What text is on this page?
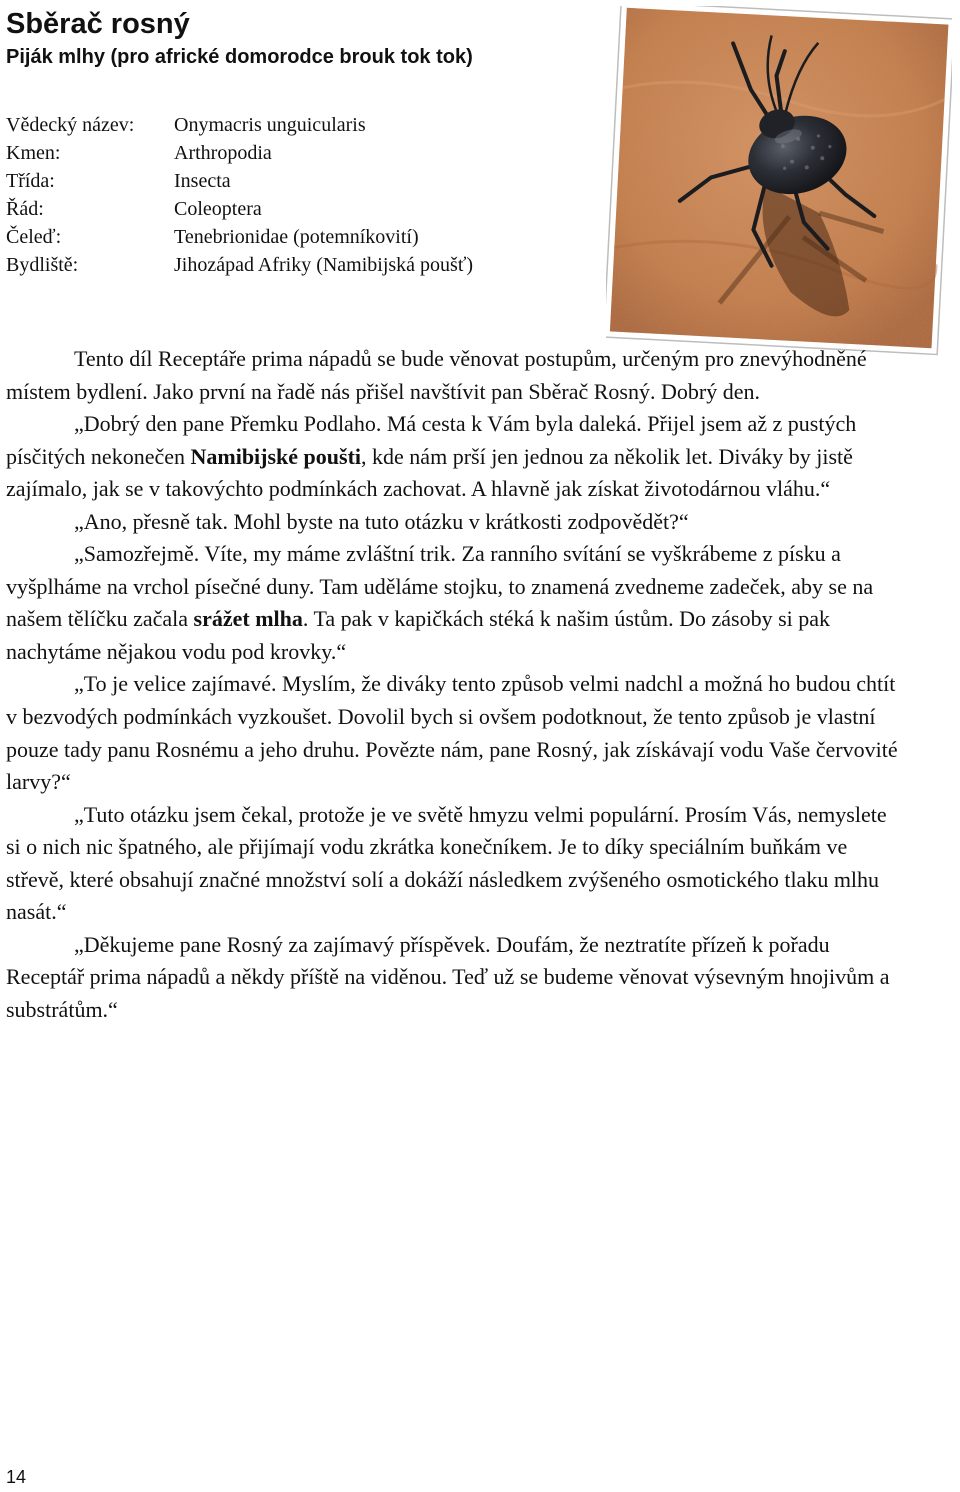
Sběrač rosný
Piják mlhy (pro africké domorodce brouk tok tok)
Vědecký název:	Onymacris unguicularis
Kmen:	Arthropodia
Třída:	Insecta
Řád:	Coleoptera
Čeleď:	Tenebrionidae (potemníkovití)
Bydliště:	Jihozápad Afriky (Namibijská poušť)

Tento díl Receptáře prima nápadů se bude věnovat postupům, určeným pro znevýhodněné místem bydlení. Jako první na řadě nás přišel navštívit pan Sběrač Rosný. Dobrý den.

„Dobrý den pane Přemku Podlaho. Má cesta k Vám byla daleká. Přijel jsem až z pustých písčitých nekonečen Namibijské poušti, kde nám prší jen jednou za několik let. Diváky by jistě zajímalo, jak se v takovýchto podmínkách zachovat. A hlavně jak získat životodárnou vláhu.“

„Ano, přesně tak. Mohl byste na tuto otázku v krátkosti zodpovědět?“

„Samozřejmě. Víte, my máme zvláštní trik. Za ranního svítání se vyškrábeme z písku a vyšplháme na vrchol písečné duny. Tam uděláme stojku, to znamená zvedneme zadeček, aby se na našem tělíčku začala srážet mlha. Ta pak v kapičkách stéká k našim ústům. Do zásoby si pak nachytáme nějakou vodu pod krovky.“

„To je velice zajímavé. Myslím, že diváky tento způsob velmi nadchl a možná ho budou chtít v bezvodých podmínkách vyzkoušet. Dovolil bych si ovšem podotknout, že tento způsob je vlastní pouze tady panu Rosnému a jeho druhu. Povězte nám, pane Rosný, jak získávají vodu Vaše červovité larvy?“

„Tuto otázku jsem čekal, protože je ve světě hmyzu velmi populární. Prosím Vás, nemyslete si o nich nic špatného, ale přijímají vodu zkrátka konečníkem. Je to díky speciálním buňkám ve střevě, které obsahují značné množství solí a dokáží následkem zvýšeného osmotického tlaku mlhu nasát.“

„Děkujeme pane Rosný za zajímavý příspěvek. Doufám, že neztratíte přízeň k pořadu Receptář prima nápadů a někdy příště na viděnou. Teď už se budeme věnovat výsevným hnojivům a substrátům.“

14
